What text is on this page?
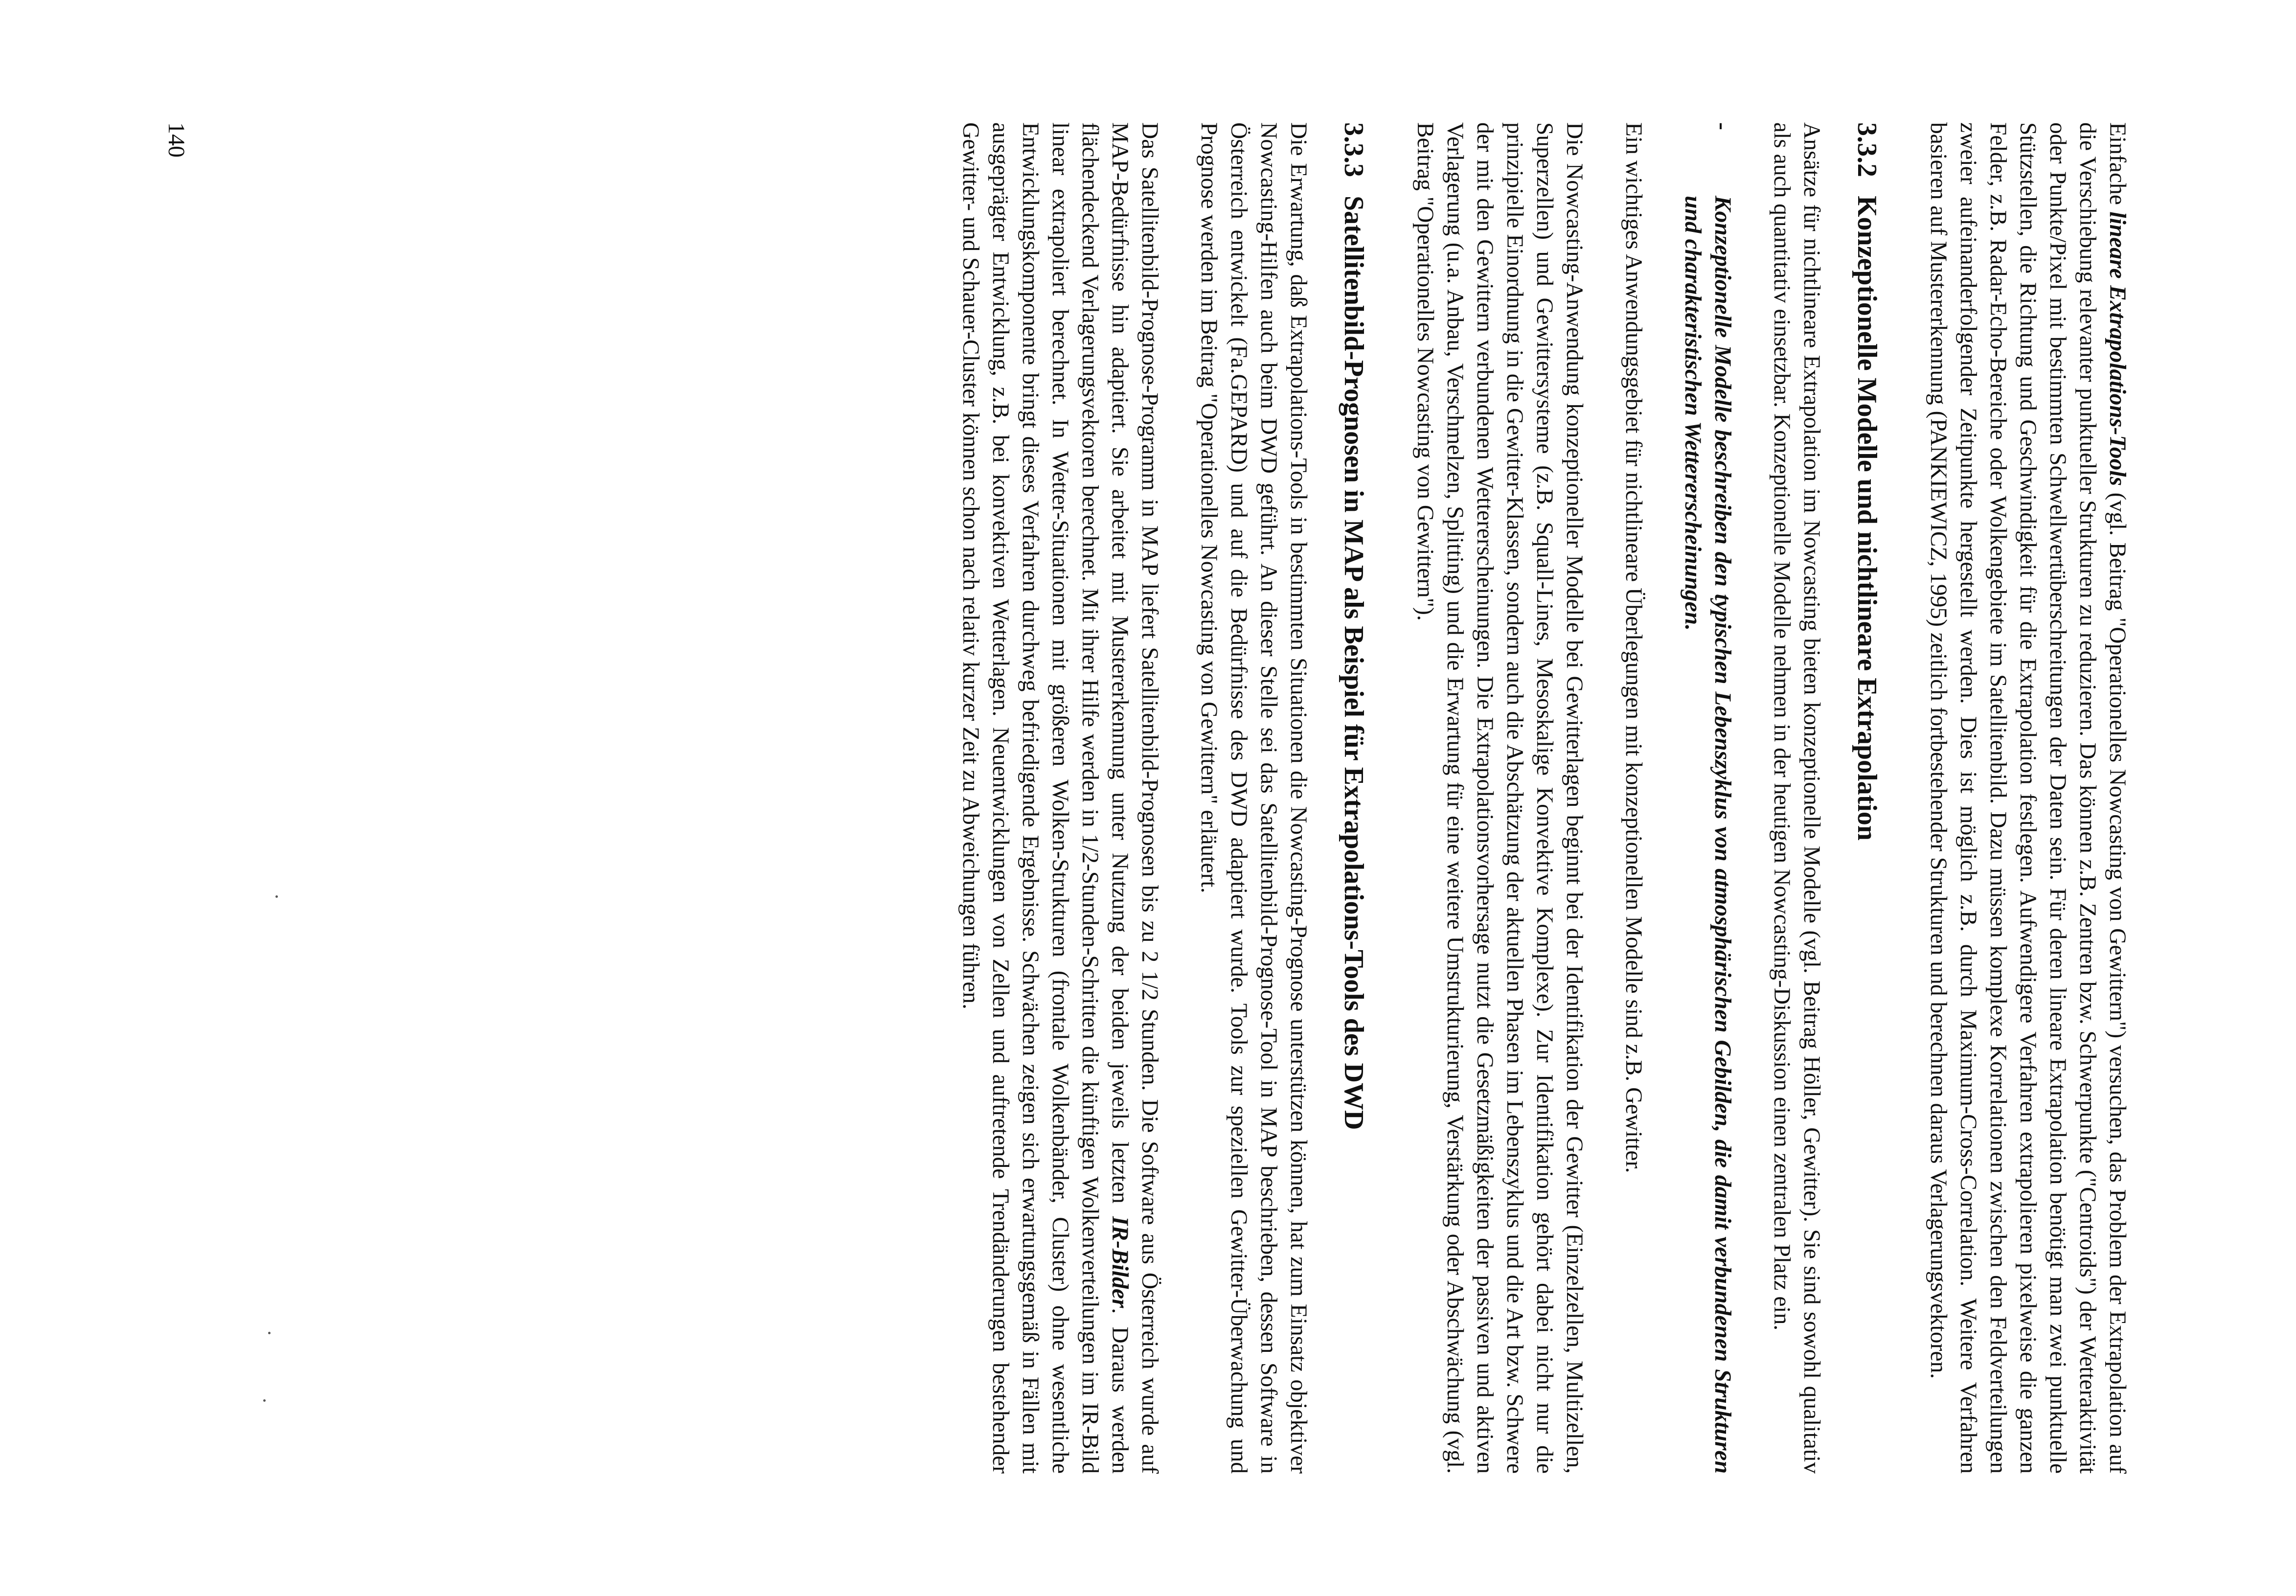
Einfache lineare Extrapolations-Tools (vgl. Beitrag "Operationelles Nowcasting von Gewittern") versuchen, das Problem der Extrapolation auf die Verschiebung relevanter punktueller Strukturen zu reduzieren. Das können z.B. Zentren bzw. Schwerpunkte ("Centroids") der Wetteraktivität oder Punkte/Pixel mit bestimmten Schwellwertüberschreitungen der Daten sein. Für deren lineare Extrapolation benötigt man zwei punktuelle Stützstellen, die Richtung und Geschwindigkeit für die Extrapolation festlegen. Aufwendigere Verfahren extrapolieren pixelweise die ganzen Felder, z.B. Radar-Echo-Bereiche oder Wolkengebiete im Satellitenbild. Dazu müssen komplexe Korrelationen zwischen den Feldverteilungen zweier aufeinanderfolgender Zeitpunkte hergestellt werden. Dies ist möglich z.B. durch Maximum-Cross-Correlation. Weitere Verfahren basieren auf Mustererkennung (PANKIEWICZ, 1995) zeitlich fortbestehender Strukturen und berechnen daraus Verlagerungsvektoren.

3.3.2Konzeptionelle Modelle und nichtlineare Extrapolation

Ansätze für nichtlineare Extrapolation im Nowcasting bieten konzeptionelle Modelle (vgl. Beitrag Höller, Gewitter). Sie sind sowohl qualitativ als auch quantitativ einsetzbar. Konzeptionelle Modelle nehmen in der heutigen Nowcasting-Diskussion einen zentralen Platz ein.

-
Konzeptionelle Modelle beschreiben den typischen Lebenszyklus von atmosphärischen Gebilden, die damit verbundenen Strukturen und charakteristischen Wettererscheinungen.

Ein wichtiges Anwendungsgebiet für nichtlineare Überlegungen mit konzeptionellen Modelle sind z.B. Gewitter.

Die Nowcasting-Anwendung konzeptioneller Modelle bei Gewitterlagen beginnt bei der Identifikation der Gewitter (Einzelzellen, Multizellen, Superzellen) und Gewittersysteme (z.B. Squall-Lines, Mesoskalige Konvektive Komplexe). Zur Identifikation gehört dabei nicht nur die prinzipielle Einordnung in die Gewitter-Klassen, sondern auch die Abschätzung der aktuellen Phasen im Lebenszyklus und die Art bzw. Schwere der mit den Gewittern verbundenen Wettererscheinungen. Die Extrapolationsvorhersage nutzt die Gesetzmäßigkeiten der passiven und aktiven Verlagerung (u.a. Anbau, Verschmelzen, Splitting) und die Erwartung für eine weitere Umstrukturierung, Verstärkung oder Abschwächung (vgl. Beitrag "Operationelles Nowcasting von Gewittern").

3.3.3Satellitenbild-Prognosen in MAP als Beispiel für Extrapolations-Tools des DWD

Die Erwartung, daß Extrapolations-Tools in bestimmten Situationen die Nowcasting-Prognose unterstützen können, hat zum Einsatz objektiver Nowcasting-Hilfen auch beim DWD geführt. An dieser Stelle sei das Satellitenbild-Prognose-Tool in MAP beschrieben, dessen Software in Österreich entwickelt (Fa.GEPARD) und auf die Bedürfnisse des DWD adaptiert wurde. Tools zur speziellen Gewitter-Überwachung und Prognose werden im Beitrag "Operationelles Nowcasting von Gewittern" erläutert.

Das Satellitenbild-Prognose-Programm in MAP liefert Satellitenbild-Prognosen bis zu 2 1/2 Stunden. Die Software aus Österreich wurde auf MAP-Bedürfnisse hin adaptiert. Sie arbeitet mit Mustererkennung unter Nutzung der beiden jeweils letzten IR-Bilder. Daraus werden flächendeckend Verlagerungsvektoren berechnet. Mit ihrer Hilfe werden in 1/2-Stunden-Schritten die künftigen Wolkenverteilungen im IR-Bild linear extrapoliert berechnet. In Wetter-Situationen mit größeren Wolken-Strukturen (frontale Wolkenbänder, Cluster) ohne wesentliche Entwicklungskomponente bringt dieses Verfahren durchweg befriedigende Ergebnisse. Schwächen zeigen sich erwartungsgemäß in Fällen mit ausgeprägter Entwicklung, z.B. bei konvektiven Wetterlagen. Neuentwicklungen von Zellen und auftretende Trendänderungen bestehender Gewitter- und Schauer-Cluster können schon nach relativ kurzer Zeit zu Abweichungen führen.

140
